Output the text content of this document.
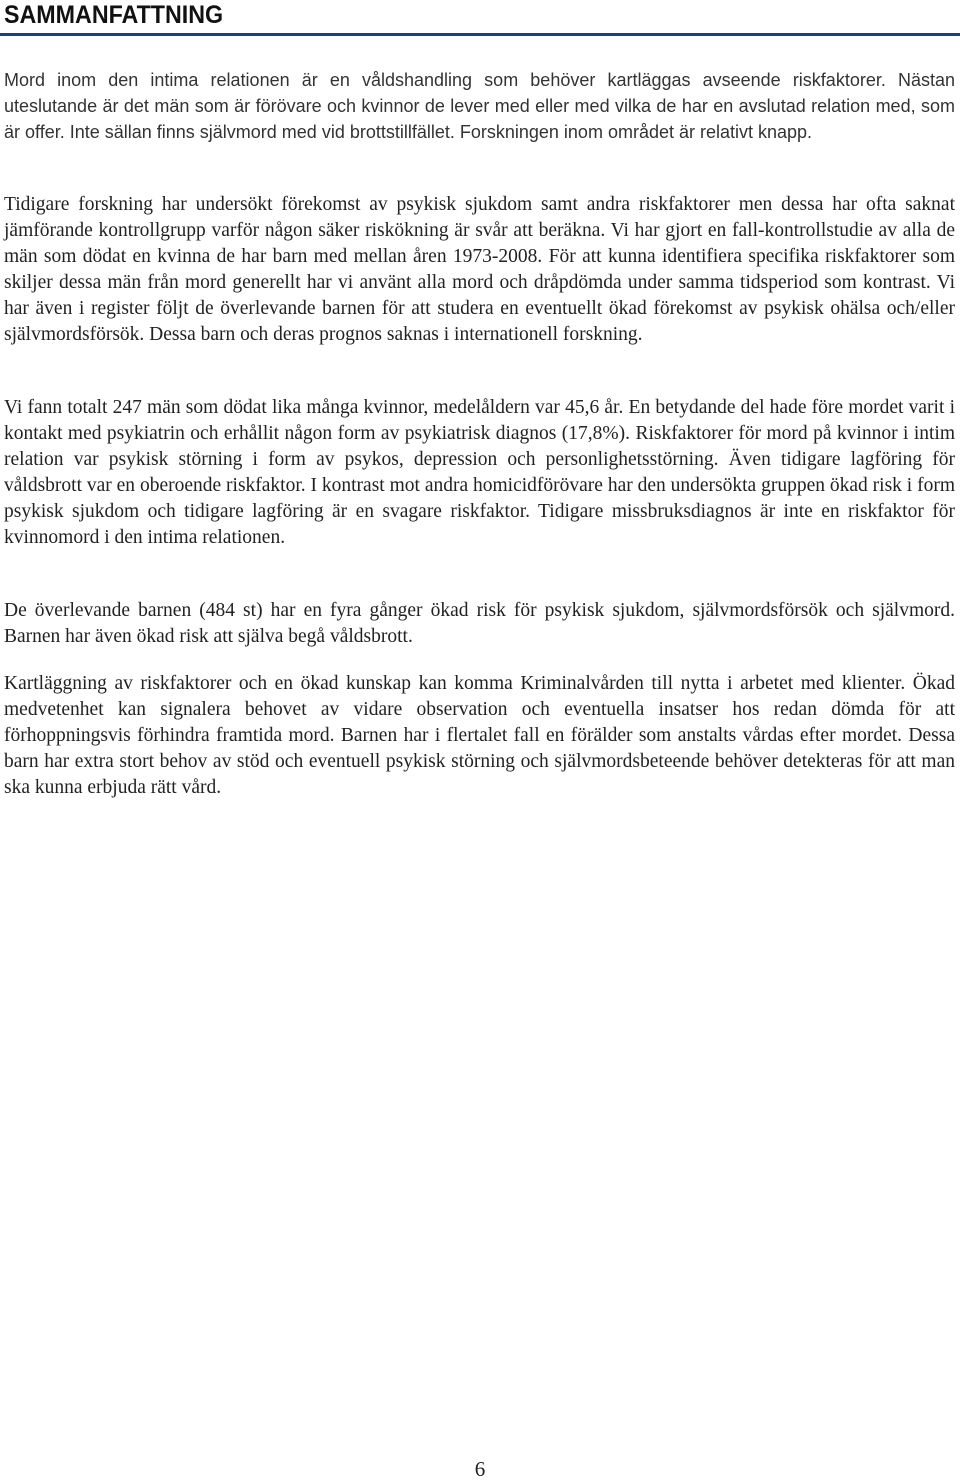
SAMMANFATTNING

Mord inom den intima relationen är en våldshandling som behöver kartläggas avseende riskfaktorer. Nästan uteslutande är det män som är förövare och kvinnor de lever med eller med vilka de har en avslutad relation med, som är offer. Inte sällan finns självmord med vid brottstillfället. Forskningen inom området är relativt knapp.

Tidigare forskning har undersökt förekomst av psykisk sjukdom samt andra riskfaktorer men dessa har ofta saknat jämförande kontrollgrupp varför någon säker riskökning är svår att beräkna. Vi har gjort en fall-kontrollstudie av alla de män som dödat en kvinna de har barn med mellan åren 1973-2008. För att kunna identifiera specifika riskfaktorer som skiljer dessa män från mord generellt har vi använt alla mord och dråpdömda under samma tidsperiod som kontrast. Vi har även i register följt de överlevande barnen för att studera en eventuellt ökad förekomst av psykisk ohälsa och/eller självmordsförsök. Dessa barn och deras prognos saknas i internationell forskning.

Vi fann totalt 247 män som dödat lika många kvinnor, medelåldern var 45,6 år. En betydande del hade före mordet varit i kontakt med psykiatrin och erhållit någon form av psykiatrisk diagnos (17,8%). Riskfaktorer för mord på kvinnor i intim relation var psykisk störning i form av psykos, depression och personlighetsstörning. Även tidigare lagföring för våldsbrott var en oberoende riskfaktor. I kontrast mot andra homicidförövare har den undersökta gruppen ökad risk i form psykisk sjukdom och tidigare lagföring är en svagare riskfaktor. Tidigare missbruksdiagnos är inte en riskfaktor för kvinnomord i den intima relationen.

De överlevande barnen (484 st) har en fyra gånger ökad risk för psykisk sjukdom, självmordsförsök och självmord. Barnen har även ökad risk att själva begå våldsbrott.

Kartläggning av riskfaktorer och en ökad kunskap kan komma Kriminalvården till nytta i arbetet med klienter. Ökad medvetenhet kan signalera behovet av vidare observation och eventuella insatser hos redan dömda för att förhoppningsvis förhindra framtida mord. Barnen har i flertalet fall en förälder som anstalts vårdas efter mordet. Dessa barn har extra stort behov av stöd och eventuell psykisk störning och självmordsbeteende behöver detekteras för att man ska kunna erbjuda rätt vård.

6
